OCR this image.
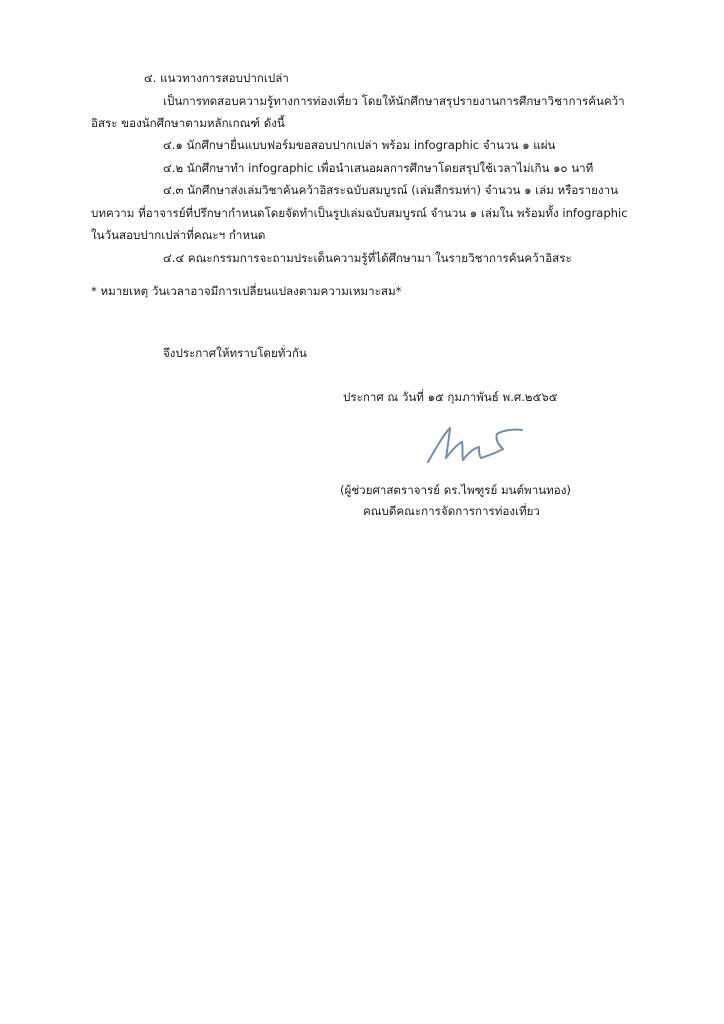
๔. แนวทางการสอบปากเปล่า
เป็นการทดสอบความรู้ทางการท่องเที่ยว โดยให้นักศึกษาสรุปรายงานการศึกษาวิชาการค้นคว้า
อิสระ ของนักศึกษาตามหลักเกณฑ์ ดังนี้
๔.๑ นักศึกษายื่นแบบฟอร์มขอสอบปากเปล่า พร้อม infographic จำนวน ๑ แผ่น
๔.๒ นักศึกษาทำ infographic เพื่อนำเสนอผลการศึกษาโดยสรุปใช้เวลาไม่เกิน ๑๐ นาที
๔.๓ นักศึกษาส่งเล่มวิชาค้นคว้าอิสระฉบับสมบูรณ์ (เล่มสีกรมท่า) จำนวน ๑ เล่ม หรือรายงาน
บทความ ที่อาจารย์ที่ปรึกษากำหนดโดยจัดทำเป็นรูปเล่มฉบับสมบูรณ์ จำนวน ๑ เล่มใน พร้อมทั้ง infographic
ในวันสอบปากเปล่าที่คณะฯ กำหนด
๔.๔ คณะกรรมการจะถามประเด็นความรู้ที่ได้ศึกษามา ในรายวิชาการค้นคว้าอิสระ
* หมายเหตุ วันเวลาอาจมีการเปลี่ยนแปลงตามความเหมาะสม*
จึงประกาศให้ทราบโดยทั่วกัน
ประกาศ ณ วันที่ ๑๕ กุมภาพันธ์ พ.ศ.๒๕๖๕
(ผู้ช่วยศาสตราจารย์ ดร.ไพฑูรย์ มนต์พานทอง)
คณบดีคณะการจัดการการท่องเที่ยว
